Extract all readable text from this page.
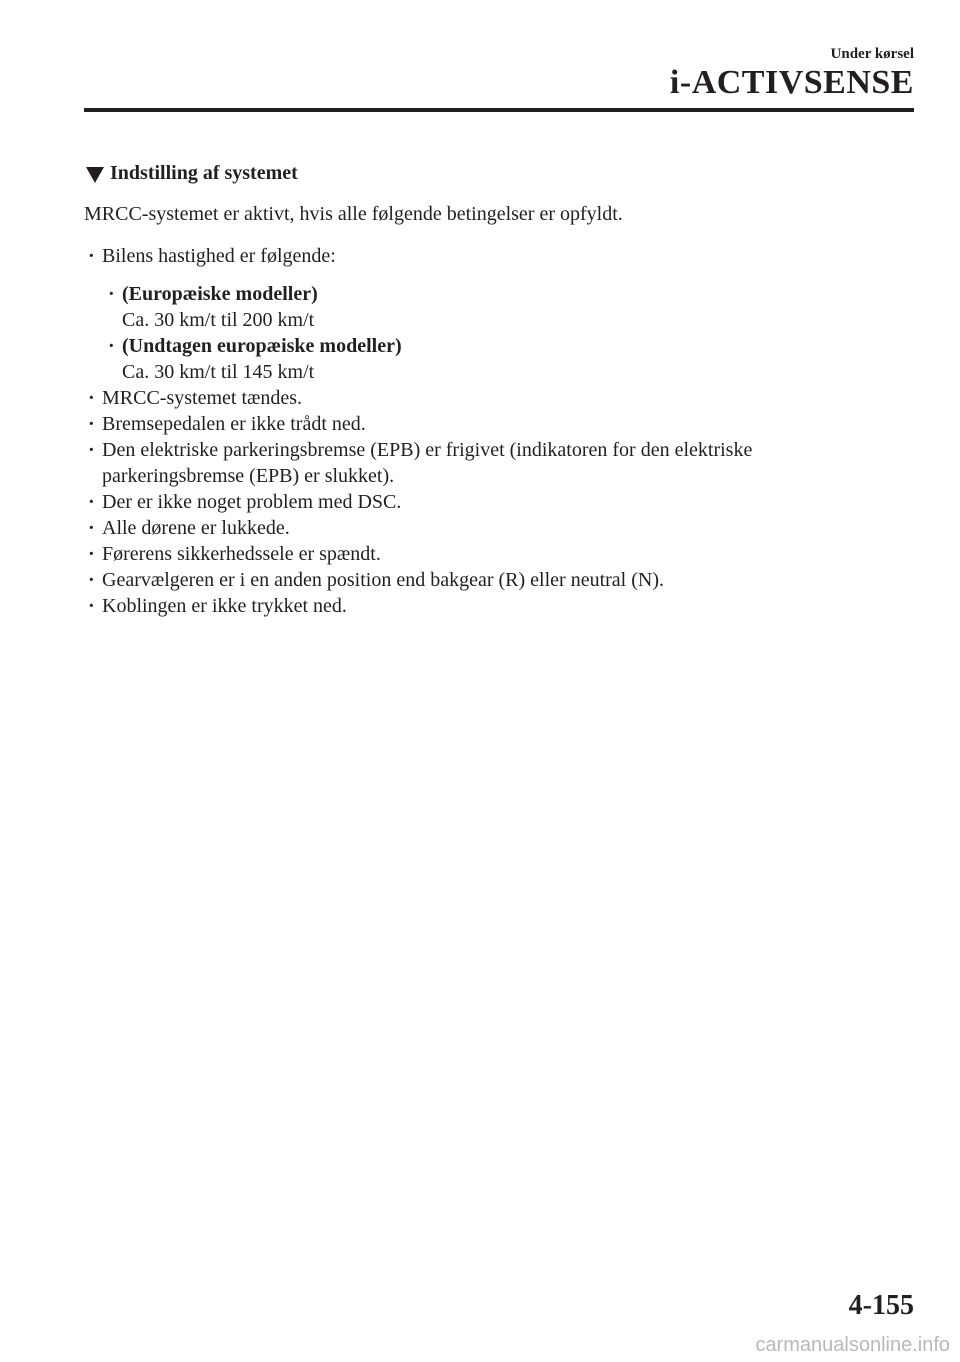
Under kørsel
i-ACTIVSENSE
Indstilling af systemet

MRCC-systemet er aktivt, hvis alle følgende betingelser er opfyldt.

· Bilens hastighed er følgende:
· (Europæiske modeller)
Ca. 30 km/t til 200 km/t
· (Undtagen europæiske modeller)
Ca. 30 km/t til 145 km/t
· MRCC-systemet tændes.
· Bremsepedalen er ikke trådt ned.
· Den elektriske parkeringsbremse (EPB) er frigivet (indikatoren for den elektriske parkeringsbremse (EPB) er slukket).
· Der er ikke noget problem med DSC.
· Alle dørene er lukkede.
· Førerens sikkerhedssele er spændt.
· Gearvælgeren er i en anden position end bakgear (R) eller neutral (N).
· Koblingen er ikke trykket ned.
4-155
carmanualsonline.info
